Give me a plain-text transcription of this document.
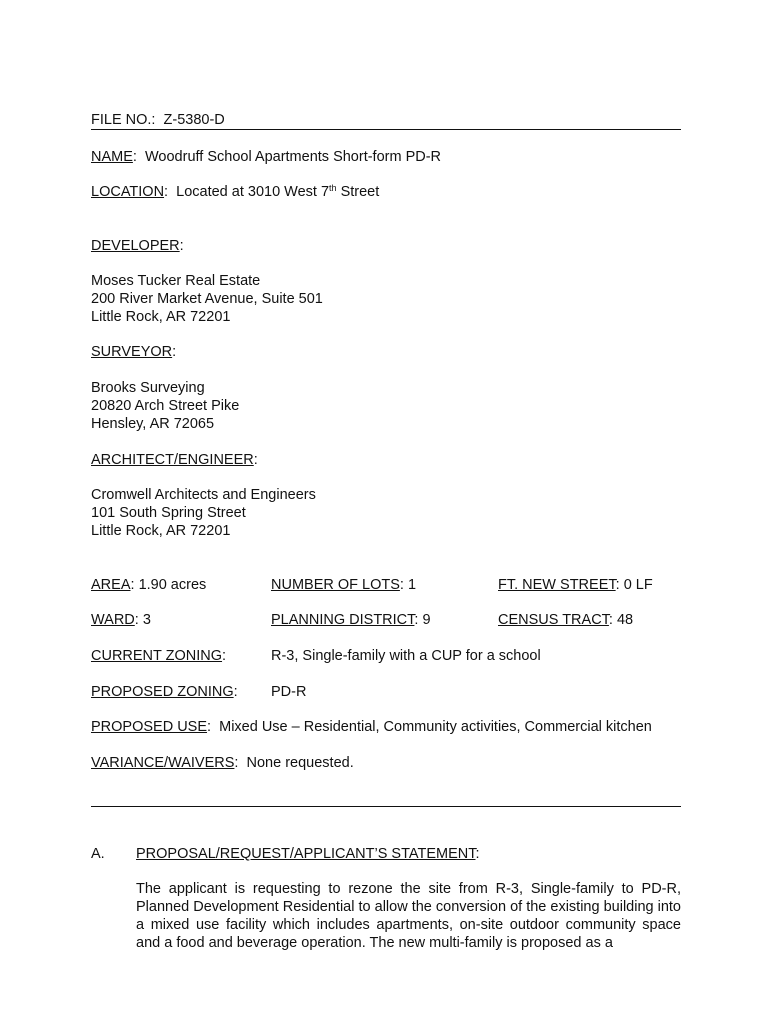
FILE NO.: Z-5380-D
NAME:  Woodruff School Apartments Short-form PD-R
LOCATION:  Located at 3010 West 7th Street
DEVELOPER:
Moses Tucker Real Estate
200 River Market Avenue, Suite 501
Little Rock, AR 72201
SURVEYOR:
Brooks Surveying
20820 Arch Street Pike
Hensley, AR 72065
ARCHITECT/ENGINEER:
Cromwell Architects and Engineers
101 South Spring Street
Little Rock, AR 72201
AREA: 1.90 acres	NUMBER OF LOTS: 1	FT. NEW STREET: 0 LF
WARD: 3	PLANNING DISTRICT: 9	CENSUS TRACT: 48
CURRENT ZONING:	R-3, Single-family with a CUP for a school
PROPOSED ZONING: PD-R
PROPOSED USE:  Mixed Use – Residential, Community activities, Commercial kitchen
VARIANCE/WAIVERS:  None requested.
A. PROPOSAL/REQUEST/APPLICANT’S STATEMENT:
The applicant is requesting to rezone the site from R-3, Single-family to PD-R, Planned Development Residential to allow the conversion of the existing building into a mixed use facility which includes apartments, on-site outdoor community space and a food and beverage operation. The new multi-family is proposed as a
